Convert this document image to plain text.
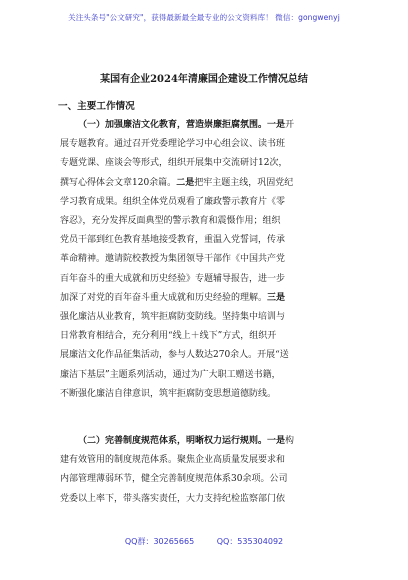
关注头条号"公文研究"，获得最新最全最专业的公文资料库！ 微信：gongwenyj
某国有企业2024年清廉国企建设工作情况总结
一、主要工作情况
（一）加强廉洁文化教育，营造崇廉拒腐氛围。一是开
展专题教育。通过召开党委理论学习中心组会议、读书班
专题党课、座谈会等形式，组织开展集中交流研讨12次，
撰写心得体会文章120余篇。二是把牢主题主线，巩固党纪
学习教育成果。组织全体党员观看了廉政警示教育片《零
容忍》，充分发挥反面典型的警示教育和震慑作用；组织
党员干部到红色教育基地接受教育，重温入党誓词，传承
革命精神。邀请院校教授为集团领导干部作《中国共产党
百年奋斗的重大成就和历史经验》专题辅导报告，进一步
加深了对党的百年奋斗重大成就和历史经验的理解。三是
强化廉洁从业教育，筑牢拒腐防变防线。坚持集中培训与
日常教育相结合，充分利用“线上＋线下”方式，组织开
展廉洁文化作品征集活动，参与人数达270余人。开展“送
廉洁下基层”主题系列活动，通过为广大职工赠送书籍，
不断强化廉洁自律意识，筑牢拒腐防变思想道德防线。
（二）完善制度规范体系，明晰权力运行规则。一是构
建有效管用的制度规范体系。聚焦企业高质量发展要求和
内部管理薄弱环节，健全完善制度规范体系30余项。公司
党委以上率下，带头落实责任，大力支持纪检监察部门依
QQ群：30265665	QQ：535304092
